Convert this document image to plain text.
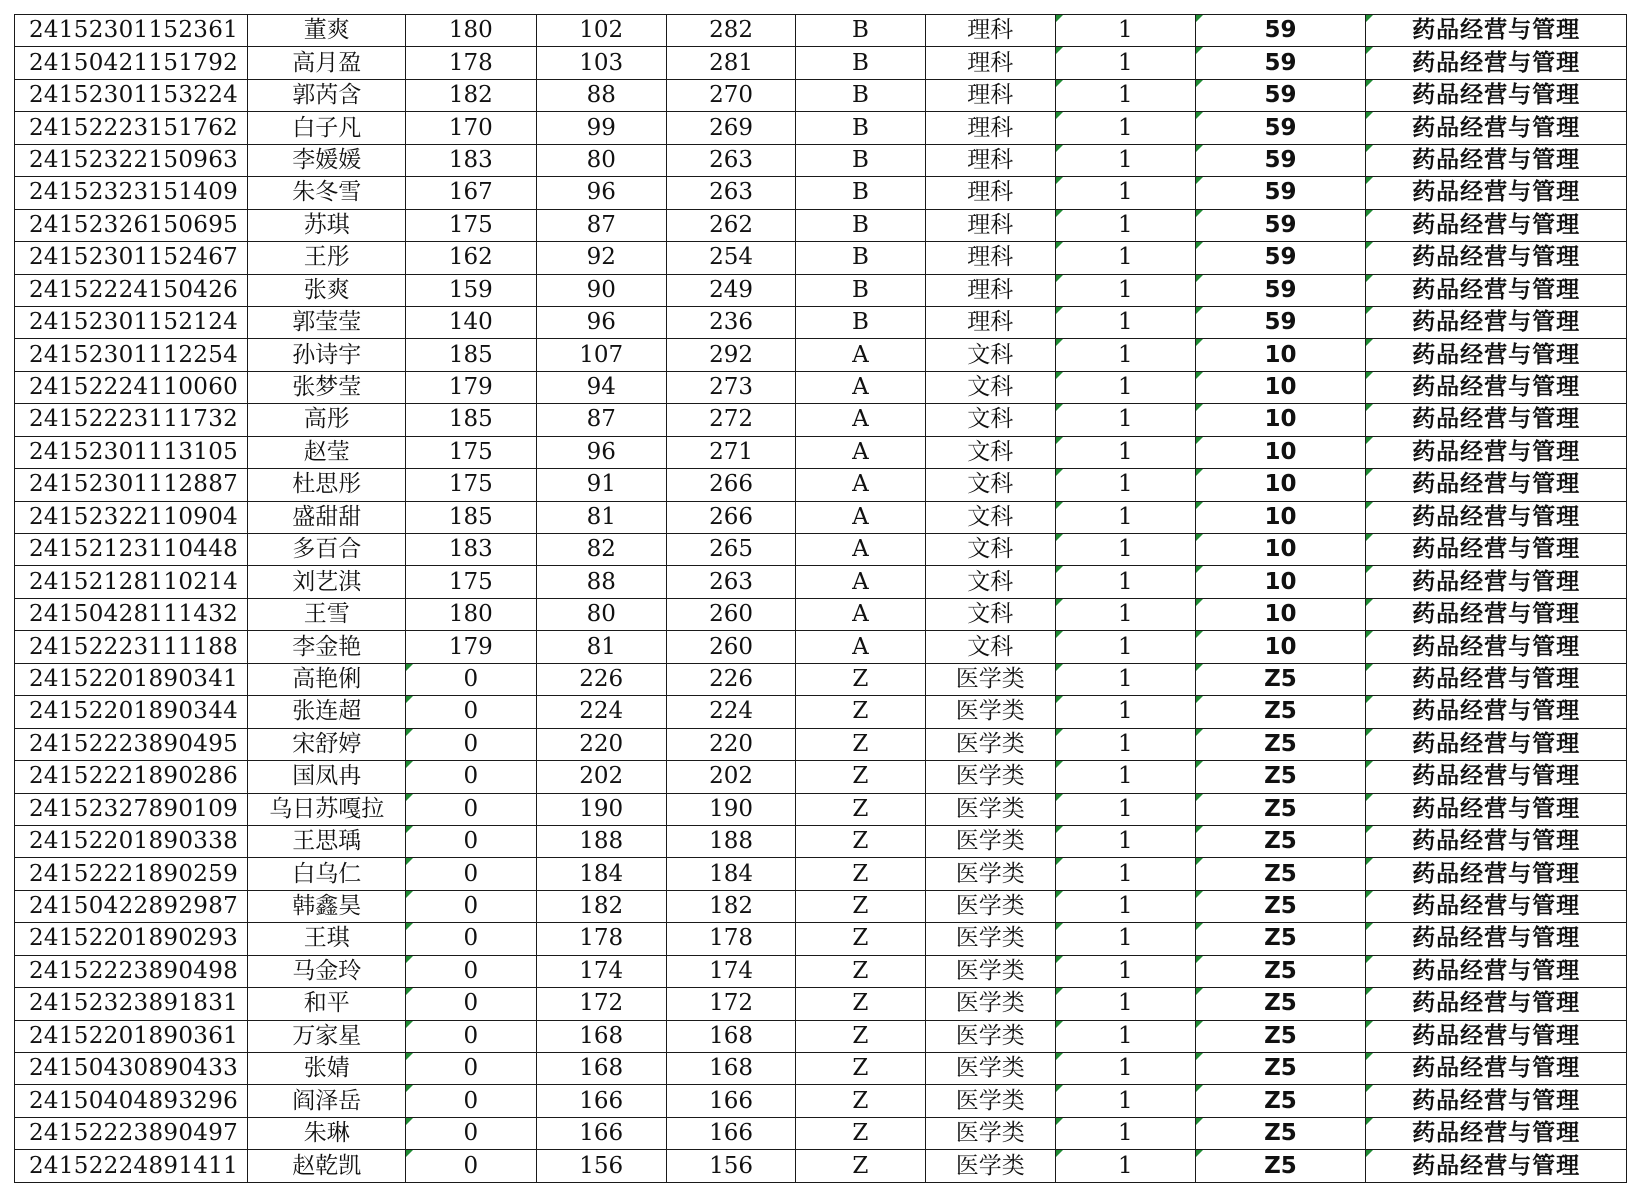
24152301152361	董爽	180	102	282	B	理科	1	59	药品经营与管理
24150421151792	高月盈	178	103	281	B	理科	1	59	药品经营与管理
24152301153224	郭芮含	182	88	270	B	理科	1	59	药品经营与管理
24152223151762	白子凡	170	99	269	B	理科	1	59	药品经营与管理
24152322150963	李媛媛	183	80	263	B	理科	1	59	药品经营与管理
24152323151409	朱冬雪	167	96	263	B	理科	1	59	药品经营与管理
24152326150695	苏琪	175	87	262	B	理科	1	59	药品经营与管理
24152301152467	王彤	162	92	254	B	理科	1	59	药品经营与管理
24152224150426	张爽	159	90	249	B	理科	1	59	药品经营与管理
24152301152124	郭莹莹	140	96	236	B	理科	1	59	药品经营与管理
24152301112254	孙诗宇	185	107	292	A	文科	1	10	药品经营与管理
24152224110060	张梦莹	179	94	273	A	文科	1	10	药品经营与管理
24152223111732	高彤	185	87	272	A	文科	1	10	药品经营与管理
24152301113105	赵莹	175	96	271	A	文科	1	10	药品经营与管理
24152301112887	杜思彤	175	91	266	A	文科	1	10	药品经营与管理
24152322110904	盛甜甜	185	81	266	A	文科	1	10	药品经营与管理
24152123110448	多百合	183	82	265	A	文科	1	10	药品经营与管理
24152128110214	刘艺淇	175	88	263	A	文科	1	10	药品经营与管理
24150428111432	王雪	180	80	260	A	文科	1	10	药品经营与管理
24152223111188	李金艳	179	81	260	A	文科	1	10	药品经营与管理
24152201890341	高艳俐	0	226	226	Z	医学类	1	Z5	药品经营与管理
24152201890344	张连超	0	224	224	Z	医学类	1	Z5	药品经营与管理
24152223890495	宋舒婷	0	220	220	Z	医学类	1	Z5	药品经营与管理
24152221890286	国凤冉	0	202	202	Z	医学类	1	Z5	药品经营与管理
24152327890109	乌日苏嘎拉	0	190	190	Z	医学类	1	Z5	药品经营与管理
24152201890338	王思瑀	0	188	188	Z	医学类	1	Z5	药品经营与管理
24152221890259	白乌仁	0	184	184	Z	医学类	1	Z5	药品经营与管理
24150422892987	韩鑫昊	0	182	182	Z	医学类	1	Z5	药品经营与管理
24152201890293	王琪	0	178	178	Z	医学类	1	Z5	药品经营与管理
24152223890498	马金玲	0	174	174	Z	医学类	1	Z5	药品经营与管理
24152323891831	和平	0	172	172	Z	医学类	1	Z5	药品经营与管理
24152201890361	万家星	0	168	168	Z	医学类	1	Z5	药品经营与管理
24150430890433	张婧	0	168	168	Z	医学类	1	Z5	药品经营与管理
24150404893296	阎泽岳	0	166	166	Z	医学类	1	Z5	药品经营与管理
24152223890497	朱琳	0	166	166	Z	医学类	1	Z5	药品经营与管理
24152224891411	赵乾凯	0	156	156	Z	医学类	1	Z5	药品经营与管理
